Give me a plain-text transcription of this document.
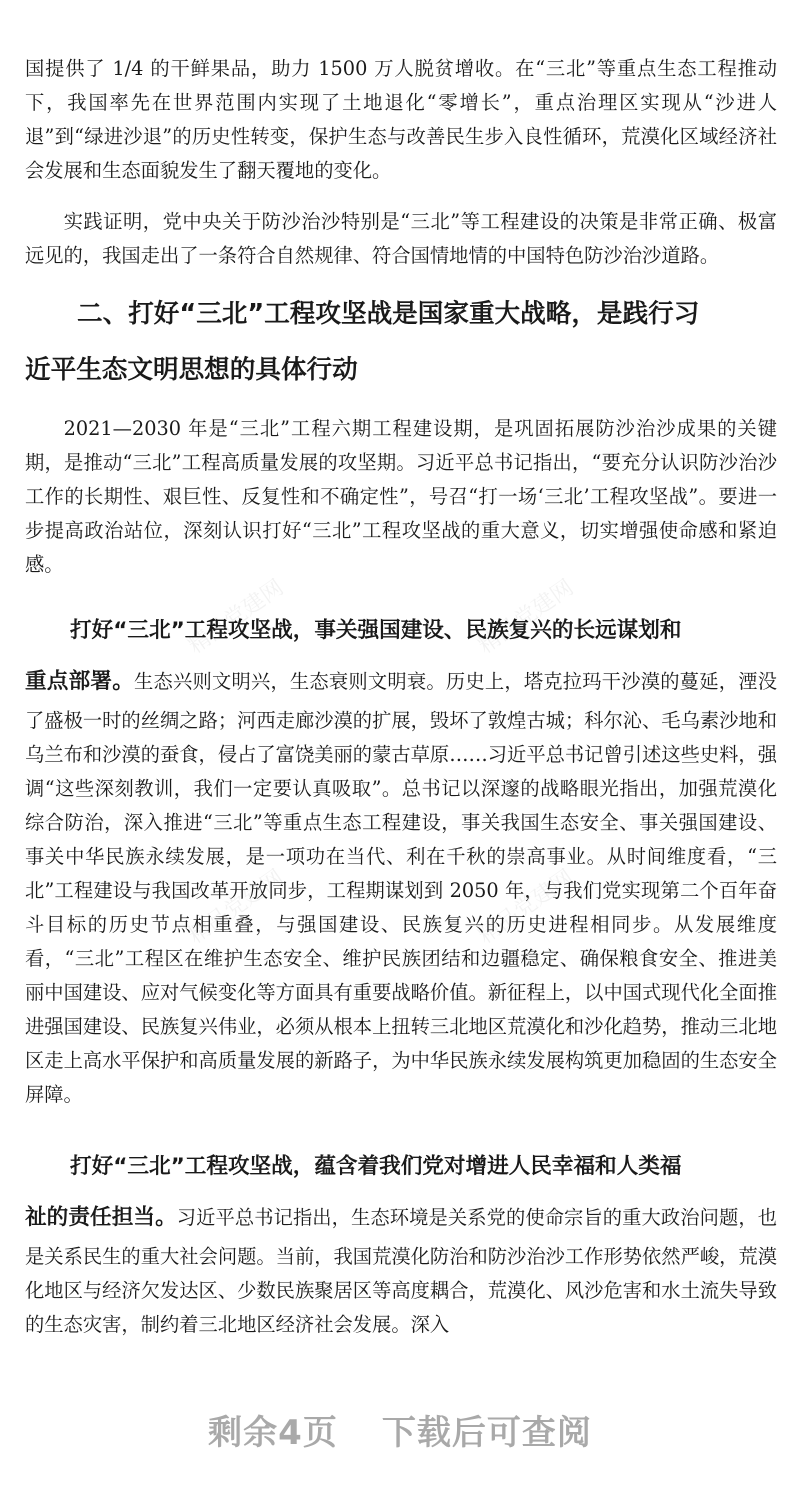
精品党建网	精品党建网
精品党建网	精品党建网

国提供了 1/4 的干鲜果品，助力 1500 万人脱贫增收。在“三北”等重点生态工程推动下，我国率先在世界范围内实现了土地退化“零增长”，重点治理区实现从“沙进人退”到“绿进沙退”的历史性转变，保护生态与改善民生步入良性循环，荒漠化区域经济社会发展和生态面貌发生了翻天覆地的变化。

实践证明，党中央关于防沙治沙特别是“三北”等工程建设的决策是非常正确、极富远见的，我国走出了一条符合自然规律、符合国情地情的中国特色防沙治沙道路。

二、打好“三北”工程攻坚战是国家重大战略，是践行习
近平生态文明思想的具体行动

2021—2030 年是“三北”工程六期工程建设期，是巩固拓展防沙治沙成果的关键期，是推动“三北”工程高质量发展的攻坚期。习近平总书记指出，“要充分认识防沙治沙工作的长期性、艰巨性、反复性和不确定性”，号召“打一场‘三北’工程攻坚战”。要进一步提高政治站位，深刻认识打好“三北”工程攻坚战的重大意义，切实增强使命感和紧迫感。

打好“三北”工程攻坚战，事关强国建设、民族复兴的长远谋划和
重点部署。生态兴则文明兴，生态衰则文明衰。历史上，塔克拉玛干沙漠的蔓延，湮没了盛极一时的丝绸之路；河西走廊沙漠的扩展，毁坏了敦煌古城；科尔沁、毛乌素沙地和乌兰布和沙漠的蚕食，侵占了富饶美丽的蒙古草原……习近平总书记曾引述这些史料，强调“这些深刻教训，我们一定要认真吸取”。总书记以深邃的战略眼光指出，加强荒漠化综合防治，深入推进“三北”等重点生态工程建设，事关我国生态安全、事关强国建设、事关中华民族永续发展，是一项功在当代、利在千秋的崇高事业。从时间维度看，“三北”工程建设与我国改革开放同步，工程期谋划到 2050 年，与我们党实现第二个百年奋斗目标的历史节点相重叠，与强国建设、民族复兴的历史进程相同步。从发展维度看，“三北”工程区在维护生态安全、维护民族团结和边疆稳定、确保粮食安全、推进美丽中国建设、应对气候变化等方面具有重要战略价值。新征程上，以中国式现代化全面推进强国建设、民族复兴伟业，必须从根本上扭转三北地区荒漠化和沙化趋势，推动三北地区走上高水平保护和高质量发展的新路子，为中华民族永续发展构筑更加稳固的生态安全屏障。

打好“三北”工程攻坚战，蕴含着我们党对增进人民幸福和人类福
祉的责任担当。习近平总书记指出，生态环境是关系党的使命宗旨的重大政治问题，也是关系民生的重大社会问题。当前，我国荒漠化防治和防沙治沙工作形势依然严峻，荒漠化地区与经济欠发达区、少数民族聚居区等高度耦合，荒漠化、风沙危害和水土流失导致的生态灾害，制约着三北地区经济社会发展。深入

剩余4页 下载后可查阅
